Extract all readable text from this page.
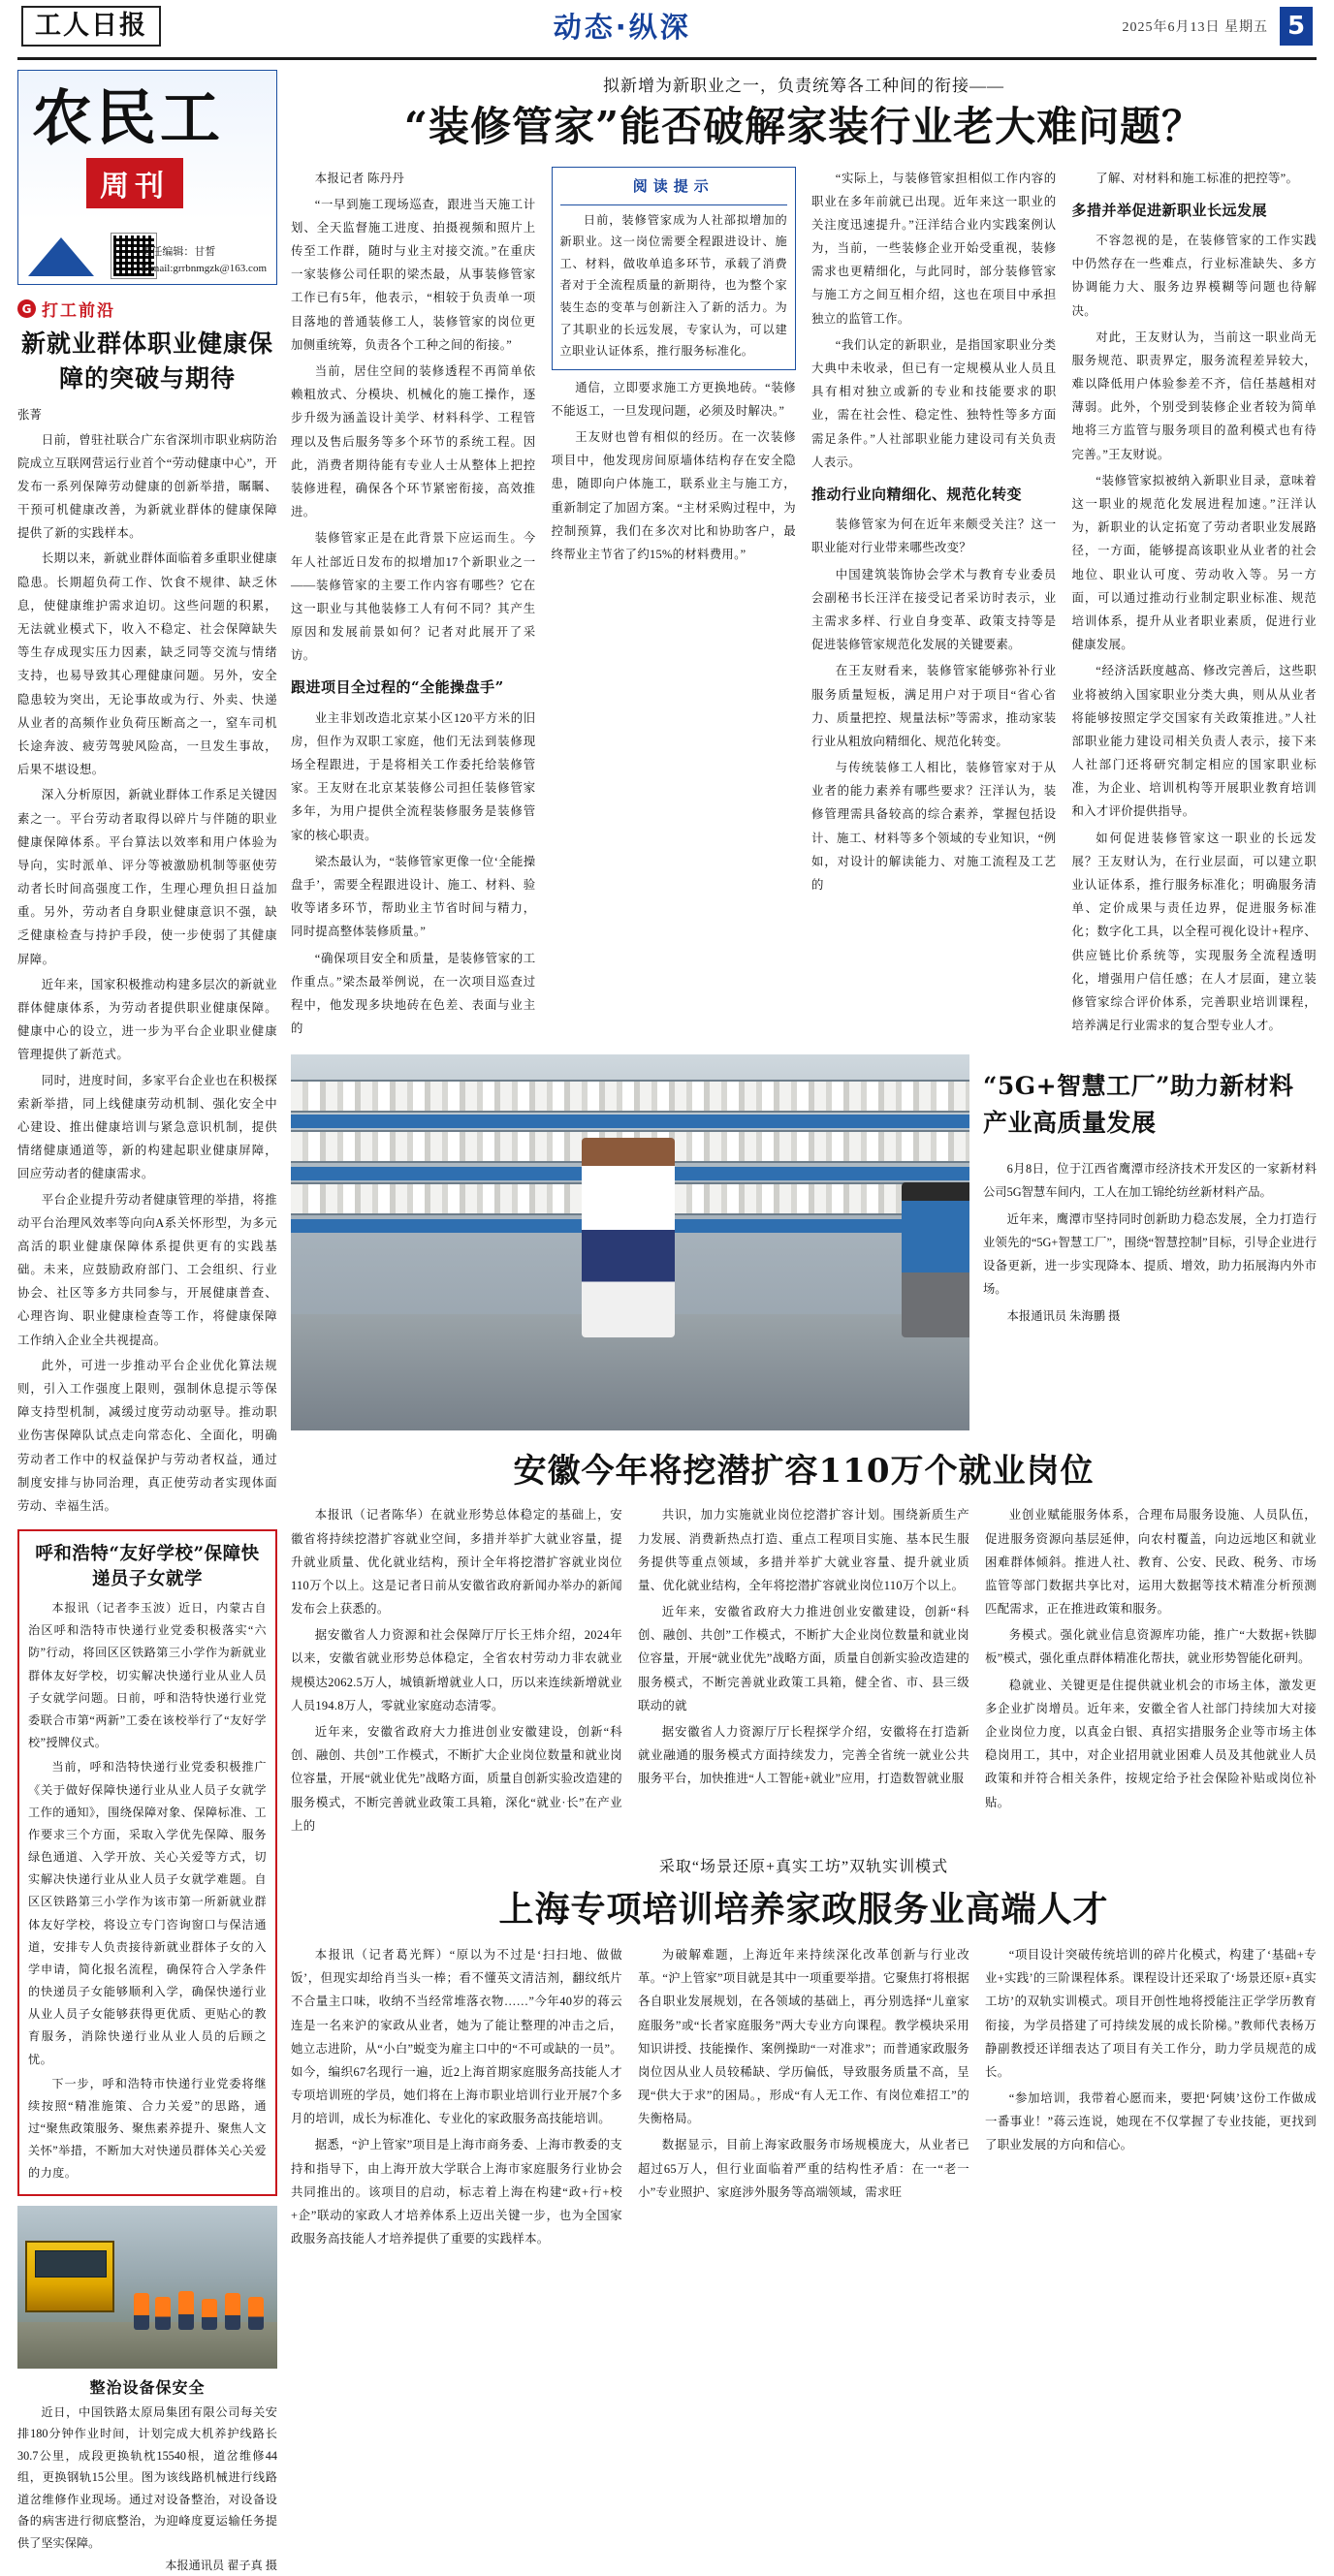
工人日报	动态·纵深	2025年6月13日 星期五 5
农民工
周刊
责任编辑：甘皙
E-mail:grrbnmgzk@163.com
G 打工前沿
新就业群体职业健康保障的突破与期待
张菁

日前，曾驻社联合广东省深圳市职业病防治院成立互联网营运行业首个“劳动健康中心”，开发布一系列保障劳动健康的创新举措，瞩瞩、干预可机健康改善，为新就业群体的健康保障提供了新的实践样本。

长期以来，新就业群体面临着多重职业健康隐患。长期超负荷工作、饮食不规律、缺乏休息，使健康维护需求迫切。这些问题的积累，无法就业模式下，收入不稳定、社会保障缺失等生存成现实压力因素，缺乏同等交流与情绪支持，也易导致其心理健康问题。另外，安全隐患较为突出，无论事故或为行、外卖、快递从业者的高频作业负荷压断高之一，窒车司机长途奔波、疲劳驾驶风险高，一旦发生事故，后果不堪设想。

深入分析原因，新就业群体工作系足关键因素之一。平台劳动者取得以碎片与伴随的职业健康保障体系。平台算法以效率和用户体验为导向，实时派单、评分等被激励机制等驱使劳动者长时间高强度工作，生理心理负担日益加重。另外，劳动者自身职业健康意识不强，缺乏健康检查与持护手段，使一步使弱了其健康屏障。

近年来，国家积极推动构建多层次的新就业群体健康体系，为劳动者提供职业健康保障。健康中心的设立，进一步为平台企业职业健康管理提供了新范式。

同时，进度时间，多家平台企业也在积极探索新举措，同上线健康劳动机制、强化安全中心建设、推出健康培训与紧急意识机制，提供情绪健康通道等，新的构建起职业健康屏障，回应劳动者的健康需求。

平台企业提升劳动者健康管理的举措，将推动平台治理风效率等向向A系关怀形型，为多元高活的职业健康保障体系提供更有的实践基础。未来，应鼓励政府部门、工会组织、行业协会、社区等多方共同参与，开展健康普查、心理咨询、职业健康检查等工作，将健康保障工作纳入企业全共视提高。

此外，可进一步推动平台企业优化算法规则，引入工作强度上限则，强制休息提示等保障支持型机制，减缓过度劳动动驱导。推动职业伤害保障队试点走向常态化、全面化，明确劳动者工作中的权益保护与劳动者权益，通过制度安排与协同治理，真正使劳动者实现体面劳动、幸福生活。

呼和浩特“友好学校”保障快递员子女就学

本报讯（记者李玉波）近日，内蒙古自治区呼和浩特市快递行业党委积极落实“六防”行动，将回区区铁路第三小学作为新就业群体友好学校，切实解决快递行业从业人员子女就学问题。日前，呼和浩特快递行业党委联合市第“两新”工委在该校举行了“友好学校”授牌仪式。

当前，呼和浩特快递行业党委积极推广《关于做好保障快递行业从业人员子女就学工作的通知》，围绕保障对象、保障标准、工作要求三个方面，采取入学优先保障、服务绿色通道、入学开放、关心关爱等方式，切实解决快递行业从业人员子女就学难题。自区区铁路第三小学作为该市第一所新就业群体友好学校，将设立专门咨询窗口与保洁通道，安排专人负责接待新就业群体子女的入学申请，简化报名流程，确保符合入学条件的快递员子女能够顺利入学，确保快递行业从业人员子女能够获得更优质、更贴心的教育服务，消除快递行业从业人员的后顾之忧。

下一步，呼和浩特市快递行业党委将继续按照“精准施策、合力关爱”的思路，通过“聚焦政策服务、聚焦素养提升、聚焦人文关怀”举措，不断加大对快递员群体关心关爱的力度。

整治设备保安全
近日，中国铁路太原局集团有限公司每关安排180分钟作业时间，计划完成大机养护线路长30.7公里，成段更换轨枕15540根，道岔维修44组，更换钢轨15公里。图为该线路机械进行线路道岔维修作业现场。通过对设备整治，对设备设备的病害进行彻底整治，为迎峰度夏运输任务提供了坚实保障。
本报通讯员 翟子真 摄
拟新增为新职业之一，负责统筹各工种间的衔接——
“装修管家”能否破解家装行业老大难问题？

本报记者 陈丹丹

“一早到施工现场巡查，跟进当天施工计划、全天监督施工进度、拍摄视频和照片上传至工作群，随时与业主对接交流。”在重庆一家装修公司任职的梁杰最，从事装修管家工作已有5年，他表示，“相较于负责单一项目落地的普通装修工人，装修管家的岗位更加侧重统筹，负责各个工种之间的衔接。”

当前，居住空间的装修透程不再简单依赖粗放式、分模块、机械化的施工操作，逐步升级为涵盖设计美学、材料科学、工程管理以及售后服务等多个环节的系统工程。因此，消费者期待能有专业人士从整体上把控装修进程，确保各个环节紧密衔接，高效推进。

装修管家正是在此背景下应运而生。今年人社部近日发布的拟增加17个新职业之一——装修管家的主要工作内容有哪些？它在这一职业与其他装修工人有何不同？其产生原因和发展前景如何？记者对此展开了采访。

跟进项目全过程的“全能操盘手”

业主非划改造北京某小区120平方米的旧房，但作为双职工家庭，他们无法到装修现场全程跟进，于是将相关工作委托给装修管家。王友财在北京某装修公司担任装修管家多年，为用户提供全流程装修服务是装修管家的核心职责。

梁杰最认为，“装修管家更像一位‘全能操盘手’，需要全程跟进设计、施工、材料、验收等诸多环节，帮助业主节省时间与精力，同时提高整体装修质量。”

“确保项目安全和质量，是装修管家的工作重点。”梁杰最举例说，在一次项目巡查过程中，他发现多块地砖在色差、表面与业主的

阅读提示

日前，装修管家成为人社部拟增加的新职业。这一岗位需要全程跟进设计、施工、材料，做收单追多环节，承载了消费者对于全流程质量的新期待，也为整个家装生态的变革与创新注入了新的活力。为了其职业的长远发展，专家认为，可以建立职业认证体系，推行服务标准化。

通信，立即要求施工方更换地砖。“装修不能返工，一旦发现问题，必须及时解决。”

王友财也曾有相似的经历。在一次装修项目中，他发现房间原墙体结构存在安全隐患，随即向户体施工，联系业主与施工方，重新制定了加固方案。“主材采购过程中，为控制预算，我们在多次对比和协助客户，最终帮业主节省了约15%的材料费用。”

“实际上，与装修管家担相似工作内容的职业在多年前就已出现。近年来这一职业的关注度迅速提升。”汪洋结合业内实践案例认为，当前，一些装修企业开始受重视，装修需求也更精细化，与此同时，部分装修管家与施工方之间互相介绍，这也在项目中承担独立的监管工作。

“我们认定的新职业，是指国家职业分类大典中未收录，但已有一定规模从业人员且具有相对独立或新的专业和技能要求的职业，需在社会性、稳定性、独特性等多方面需足条件。”人社部职业能力建设司有关负责人表示。

推动行业向精细化、规范化转变

装修管家为何在近年来颇受关注？这一职业能对行业带来哪些改变？

中国建筑装饰协会学术与教育专业委员会副秘书长汪洋在接受记者采访时表示，业主需求多样、行业自身变革、政策支持等是促进装修管家规范化发展的关键要素。

在王友财看来，装修管家能够弥补行业服务质量短板，满足用户对于项目“省心省力、质量把控、规量法标”等需求，推动家装行业从粗放向精细化、规范化转变。

与传统装修工人相比，装修管家对于从业者的能力素养有哪些要求？汪洋认为，装修管理需具备较高的综合素养，掌握包括设计、施工、材料等多个领域的专业知识，“例如，对设计的解读能力、对施工流程及工艺的

了解、对材料和施工标准的把控等”。

多措并举促进新职业长远发展

不容忽视的是，在装修管家的工作实践中仍然存在一些难点，行业标准缺失、多方协调能力大、服务边界模糊等问题也待解决。

对此，王友财认为，当前这一职业尚无服务规范、职责界定，服务流程差异较大，难以降低用户体验参差不齐，信任基越相对薄弱。此外，个别受到装修企业者较为简单地将三方监管与服务项目的盈利模式也有待完善。”王友财说。

“装修管家拟被纳入新职业目录，意味着这一职业的规范化发展进程加速。”汪洋认为，新职业的认定拓宽了劳动者职业发展路径，一方面，能够提高该职业从业者的社会地位、职业认可度、劳动收入等。另一方面，可以通过推动行业制定职业标准、规范培训体系，提升从业者职业素质，促进行业健康发展。

“经济活跃度越高、修改完善后，这些职业将被纳入国家职业分类大典，则从从业者将能够按照定学交国家有关政策推进。”人社部职业能力建设司相关负责人表示，接下来人社部门还将研究制定相应的国家职业标准，为企业、培训机构等开展职业教育培训和入才评价提供指导。

如何促进装修管家这一职业的长远发展？王友财认为，在行业层面，可以建立职业认证体系，推行服务标准化；明确服务清单、定价成果与责任边界，促进服务标准化；数字化工具，以全程可视化设计+程序、供应链比价系统等，实现服务全流程透明化，增强用户信任感；在人才层面，建立装修管家综合评价体系，完善职业培训课程，培养满足行业需求的复合型专业人才。

“5G+智慧工厂”助力新材料产业高质量发展

6月8日，位于江西省鹰潭市经济技术开发区的一家新材料公司5G智慧车间内，工人在加工锦纶纺丝新材料产品。

近年来，鹰潭市坚持同时创新助力稳态发展，全力打造行业领先的“5G+智慧工厂”，围绕“智慧控制”目标，引导企业进行设备更新，进一步实现降本、提质、增效，助力拓展海内外市场。

本报通讯员 朱海鹏 摄

安徽今年将挖潜扩容110万个就业岗位

本报讯（记者陈华）在就业形势总体稳定的基础上，安徽省将持续挖潜扩容就业空间，多措并举扩大就业容量，提升就业质量、优化就业结构，预计全年将挖潜扩容就业岗位110万个以上。这是记者日前从安徽省政府新闻办举办的新闻发布会上获悉的。

据安徽省人力资源和社会保障厅厅长王炜介绍，2024年以来，安徽省就业形势总体稳定，全省农村劳动力非农就业规模达2062.5万人，城镇新增就业人口，历以来连续新增就业人员194.8万人，零就业家庭动态清零。

近年来，安徽省政府大力推进创业安徽建设，创新“科创、融创、共创”工作模式，不断扩大企业岗位数量和就业岗位容量，开展“就业优先”战略方面，质量自创新实验改造建的服务模式，不断完善就业政策工具箱，深化“就业·长”在产业上的

共识，加力实施就业岗位挖潜扩容计划。围绕新质生产力发展、消费新热点打造、重点工程项目实施、基本民生服务提供等重点领域，多措并举扩大就业容量、提升就业质量、优化就业结构，全年将挖潜扩容就业岗位110万个以上。

近年来，安徽省政府大力推进创业安徽建设，创新“科创、融创、共创”工作模式，不断扩大企业岗位数量和就业岗位容量，开展“就业优先”战略方面，质量自创新实验改造建的服务模式，不断完善就业政策工具箱，健全省、市、县三级联动的就

据安徽省人力资源厅厅长程探学介绍，安徽将在打造新就业融通的服务模式方面持续发力，完善全省统一就业公共服务平台，加快推进“人工智能+就业”应用，打造数智就业服

业创业赋能服务体系，合理布局服务设施、人员队伍，促进服务资源向基层延伸，向农村覆盖，向边远地区和就业困难群体倾斜。推进人社、教育、公安、民政、税务、市场监管等部门数据共享比对，运用大数据等技术精准分析预测匹配需求，正在推进政策和服务。

务模式。强化就业信息资源库功能，推广“大数据+铁脚板”模式，强化重点群体精准化帮扶，就业形势智能化研判。

稳就业、关键更是住提供就业机会的市场主体，激发更多企业扩岗增员。近年来，安徽全省人社部门持续加大对接企业岗位力度，以真金白银、真招实措服务企业等市场主体稳岗用工，其中，对企业招用就业困难人员及其他就业人员政策和并符合相关条件，按规定给予社会保险补贴或岗位补贴。

采取“场景还原+真实工坊”双轨实训模式
上海专项培训培养家政服务业高端人才

本报讯（记者葛光辉）“原以为不过是‘扫扫地、做做饭’，但现实却给肖当头一棒；看不懂英文清洁剂，翻纹纸片不合量主口味，收纳不当经常堆落衣物……”今年40岁的蒋云连是一名来沪的家政从业者，她为了能让整理的冲击之后，她立志进阶，从“小白”蜕变为雇主口中的“不可或缺的一员”。如今，编织67名现行一遍，近2上海首期家庭服务高技能人才专项培训班的学员，她们将在上海市职业培训行业开展7个多月的培训，成长为标准化、专业化的家政服务高技能培训。

据悉，“沪上管家”项目是上海市商务委、上海市教委的支持和指导下，由上海开放大学联合上海市家庭服务行业协会共同推出的。该项目的启动，标志着上海在构建“政+行+校+企”联动的家政人才培养体系上迈出关键一步，也为全国家政服务高技能人才培养提供了重要的实践样本。

为破解难题，上海近年来持续深化改革创新与行业改革。“沪上管家”项目就是其中一项重要举措。它聚焦打将根据各自职业发展规划，在各领域的基础上，再分别选择“儿童家庭服务”或“长者家庭服务”两大专业方向课程。教学模块采用知识讲授、技能操作、案例操助“一对准求”；而普通家政服务岗位因从业人员较稀缺、学历偏低，导致服务质量不高，呈现“供大于求”的困局。，形成“有人无工作、有岗位难招工”的失衡格局。

数据显示，目前上海家政服务市场规模庞大，从业者已超过65万人，但行业面临着严重的结构性矛盾：在一“老一小”专业照护、家庭涉外服务等高端领域，需求旺

“项目设计突破传统培训的碎片化模式，构建了‘基础+专业+实践’的三阶课程体系。课程设计还采取了‘场景还原+真实工坊’的双轨实训模式。项目开创性地将授能注正学学历教育衔接，为学员搭建了可持续发展的成长阶梯。”教师代表杨万静副教授还详细表达了项目有关工作分，助力学员规范的成长。

“参加培训，我带着心愿而来，要把‘阿姨’这份工作做成一番事业！”蒋云连说，她现在不仅掌握了专业技能，更找到了职业发展的方向和信心。
